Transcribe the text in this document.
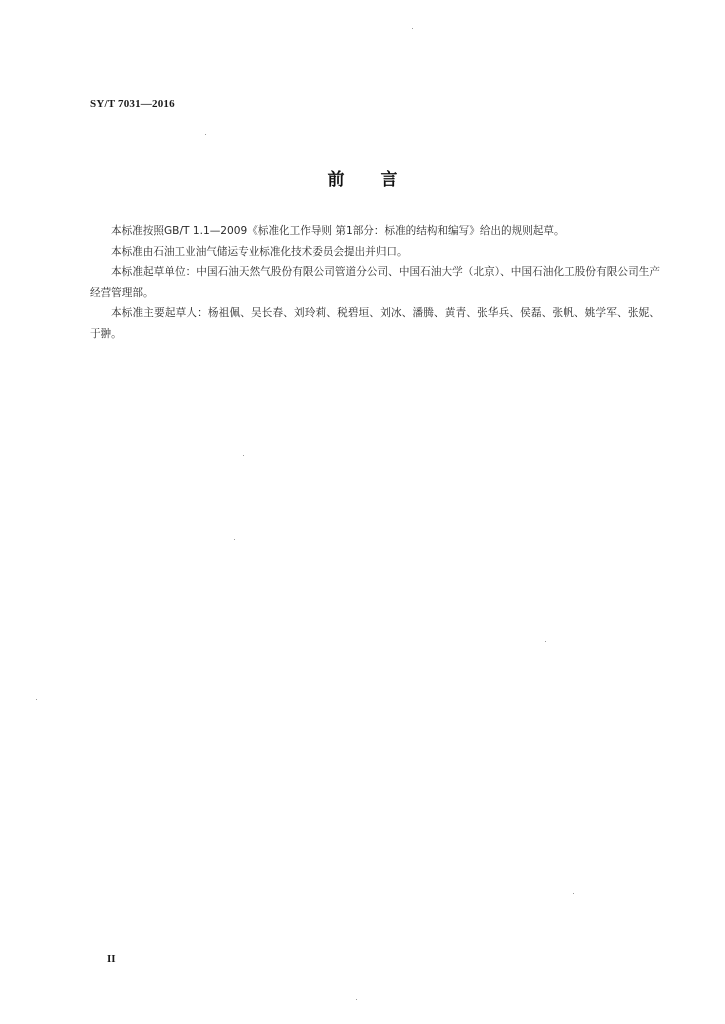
SY/T 7031—2016
前 言

本标准按照GB/T 1.1—2009《标准化工作导则 第1部分：标准的结构和编写》给出的规则起草。

本标准由石油工业油气储运专业标准化技术委员会提出并归口。

本标准起草单位：中国石油天然气股份有限公司管道分公司、中国石油大学（北京）、中国石油化工股份有限公司生产经营管理部。

本标准主要起草人：杨祖佩、吴长春、刘玲莉、税碧垣、刘冰、潘腾、黄青、张华兵、侯磊、张帆、姚学军、张妮、于翀。

II
